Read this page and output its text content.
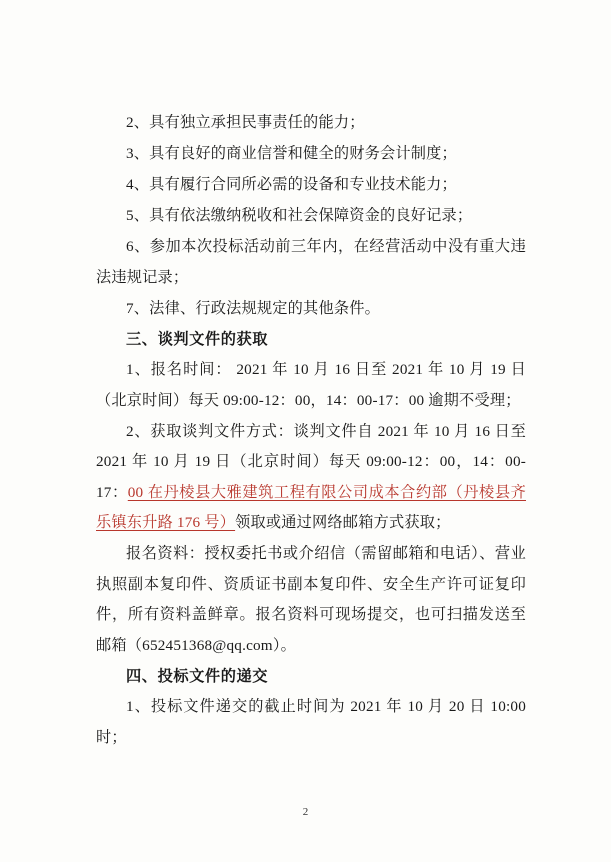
2、具有独立承担民事责任的能力；

3、具有良好的商业信誉和健全的财务会计制度；

4、具有履行合同所必需的设备和专业技术能力；

5、具有依法缴纳税收和社会保障资金的良好记录；

6、参加本次投标活动前三年内，在经营活动中没有重大违法违规记录；

7、法律、行政法规规定的其他条件。

三、谈判文件的获取

1、报名时间： 2021 年 10 月 16 日至 2021 年 10 月 19 日（北京时间）每天 09:00-12：00，14：00-17：00 逾期不受理；

2、获取谈判文件方式：谈判文件自 2021 年 10 月 16 日至 2021 年 10 月 19 日（北京时间）每天 09:00-12：00，14：00-17：00 在丹棱县大雅建筑工程有限公司成本合约部（丹棱县齐乐镇东升路 176 号）领取或通过网络邮箱方式获取；

报名资料：授权委托书或介绍信（需留邮箱和电话）、营业执照副本复印件、资质证书副本复印件、安全生产许可证复印件，所有资料盖鲜章。报名资料可现场提交，也可扫描发送至邮箱（652451368@qq.com）。

四、投标文件的递交

1、投标文件递交的截止时间为 2021 年 10 月 20 日 10:00 时；

2
